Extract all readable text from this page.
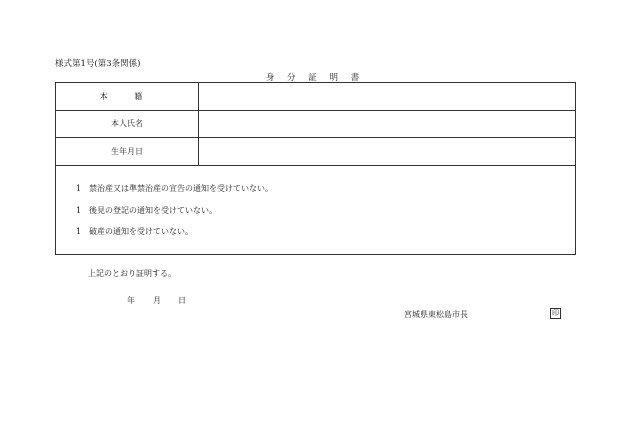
様式第1号(第3条関係)
身 分 証 明 書
本 籍	
本人氏名	
生年月日	
1 禁治産又は準禁治産の宣告の通知を受けていない。
1 後見の登記の通知を受けていない。
1 破産の通知を受けていない。
上記のとおり証明する。
年 月 日
宮城県東松島市長	印
